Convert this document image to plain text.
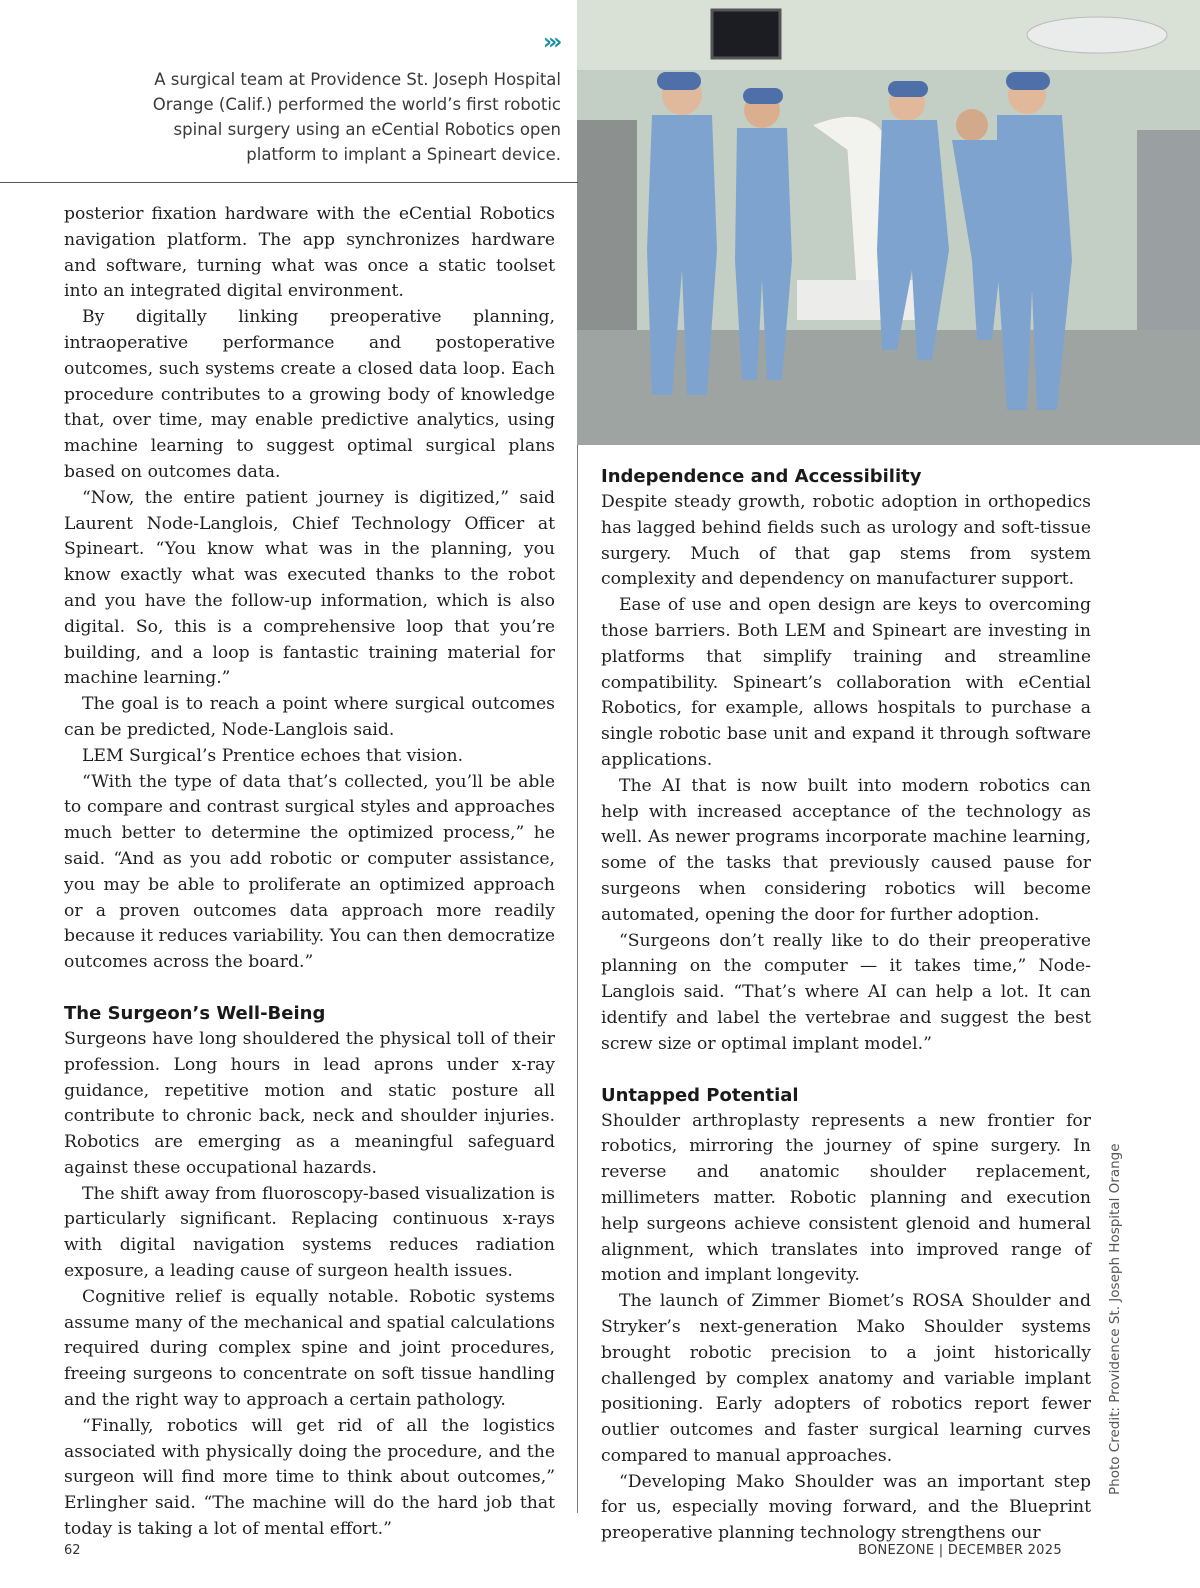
»›
A surgical team at Providence St. Joseph Hospital Orange (Calif.) performed the world’s first robotic spinal surgery using an eCential Robotics open platform to implant a Spineart device.

posterior fixation hardware with the eCential Robotics navigation platform. The app synchronizes hardware and software, turning what was once a static toolset into an integrated digital environment.

By digitally linking preoperative planning, intraoperative performance and postoperative outcomes, such systems create a closed data loop. Each procedure contributes to a growing body of knowledge that, over time, may enable predictive analytics, using machine learning to suggest optimal surgical plans based on outcomes data.

“Now, the entire patient journey is digitized,” said Laurent Node-Langlois, Chief Technology Officer at Spineart. “You know what was in the planning, you know exactly what was executed thanks to the robot and you have the follow-up information, which is also digital. So, this is a comprehensive loop that you’re building, and a loop is fantastic training material for machine learning.”

The goal is to reach a point where surgical outcomes can be predicted, Node-Langlois said.

LEM Surgical’s Prentice echoes that vision.

“With the type of data that’s collected, you’ll be able to compare and contrast surgical styles and approaches much better to determine the optimized process,” he said. “And as you add robotic or computer assistance, you may be able to proliferate an optimized approach or a proven outcomes data approach more readily because it reduces variability. You can then democratize outcomes across the board.”

The Surgeon’s Well-Being

Surgeons have long shouldered the physical toll of their profession. Long hours in lead aprons under x-ray guidance, repetitive motion and static posture all contribute to chronic back, neck and shoulder injuries. Robotics are emerging as a meaningful safeguard against these occupational hazards.

The shift away from fluoroscopy-based visualization is particularly significant. Replacing continuous x-rays with digital navigation systems reduces radiation exposure, a leading cause of surgeon health issues.

Cognitive relief is equally notable. Robotic systems assume many of the mechanical and spatial calculations required during complex spine and joint procedures, freeing surgeons to concentrate on soft tissue handling and the right way to approach a certain pathology.

“Finally, robotics will get rid of all the logistics associated with physically doing the procedure, and the surgeon will find more time to think about outcomes,” Erlingher said. “The machine will do the hard job that today is taking a lot of mental effort.”

Independence and Accessibility

Despite steady growth, robotic adoption in orthopedics has lagged behind fields such as urology and soft-tissue surgery. Much of that gap stems from system complexity and dependency on manufacturer support.

Ease of use and open design are keys to overcoming those barriers. Both LEM and Spineart are investing in platforms that simplify training and streamline compatibility. Spineart’s collaboration with eCential Robotics, for example, allows hospitals to purchase a single robotic base unit and expand it through software applications.

The AI that is now built into modern robotics can help with increased acceptance of the technology as well. As newer programs incorporate machine learning, some of the tasks that previously caused pause for surgeons when considering robotics will become automated, opening the door for further adoption.

“Surgeons don’t really like to do their preoperative planning on the computer — it takes time,” Node-Langlois said. “That’s where AI can help a lot. It can identify and label the vertebrae and suggest the best screw size or optimal implant model.”

Untapped Potential

Shoulder arthroplasty represents a new frontier for robotics, mirroring the journey of spine surgery. In reverse and anatomic shoulder replacement, millimeters matter. Robotic planning and execution help surgeons achieve consistent glenoid and humeral alignment, which translates into improved range of motion and implant longevity.

The launch of Zimmer Biomet’s ROSA Shoulder and Stryker’s next-generation Mako Shoulder systems brought robotic precision to a joint historically challenged by complex anatomy and variable implant positioning. Early adopters of robotics report fewer outlier outcomes and faster surgical learning curves compared to manual approaches.

“Developing Mako Shoulder was an important step for us, especially moving forward, and the Blueprint preoperative planning technology strengthens our

Photo Credit: Providence St. Joseph Hospital Orange
62	BONEZONE | DECEMBER 2025
